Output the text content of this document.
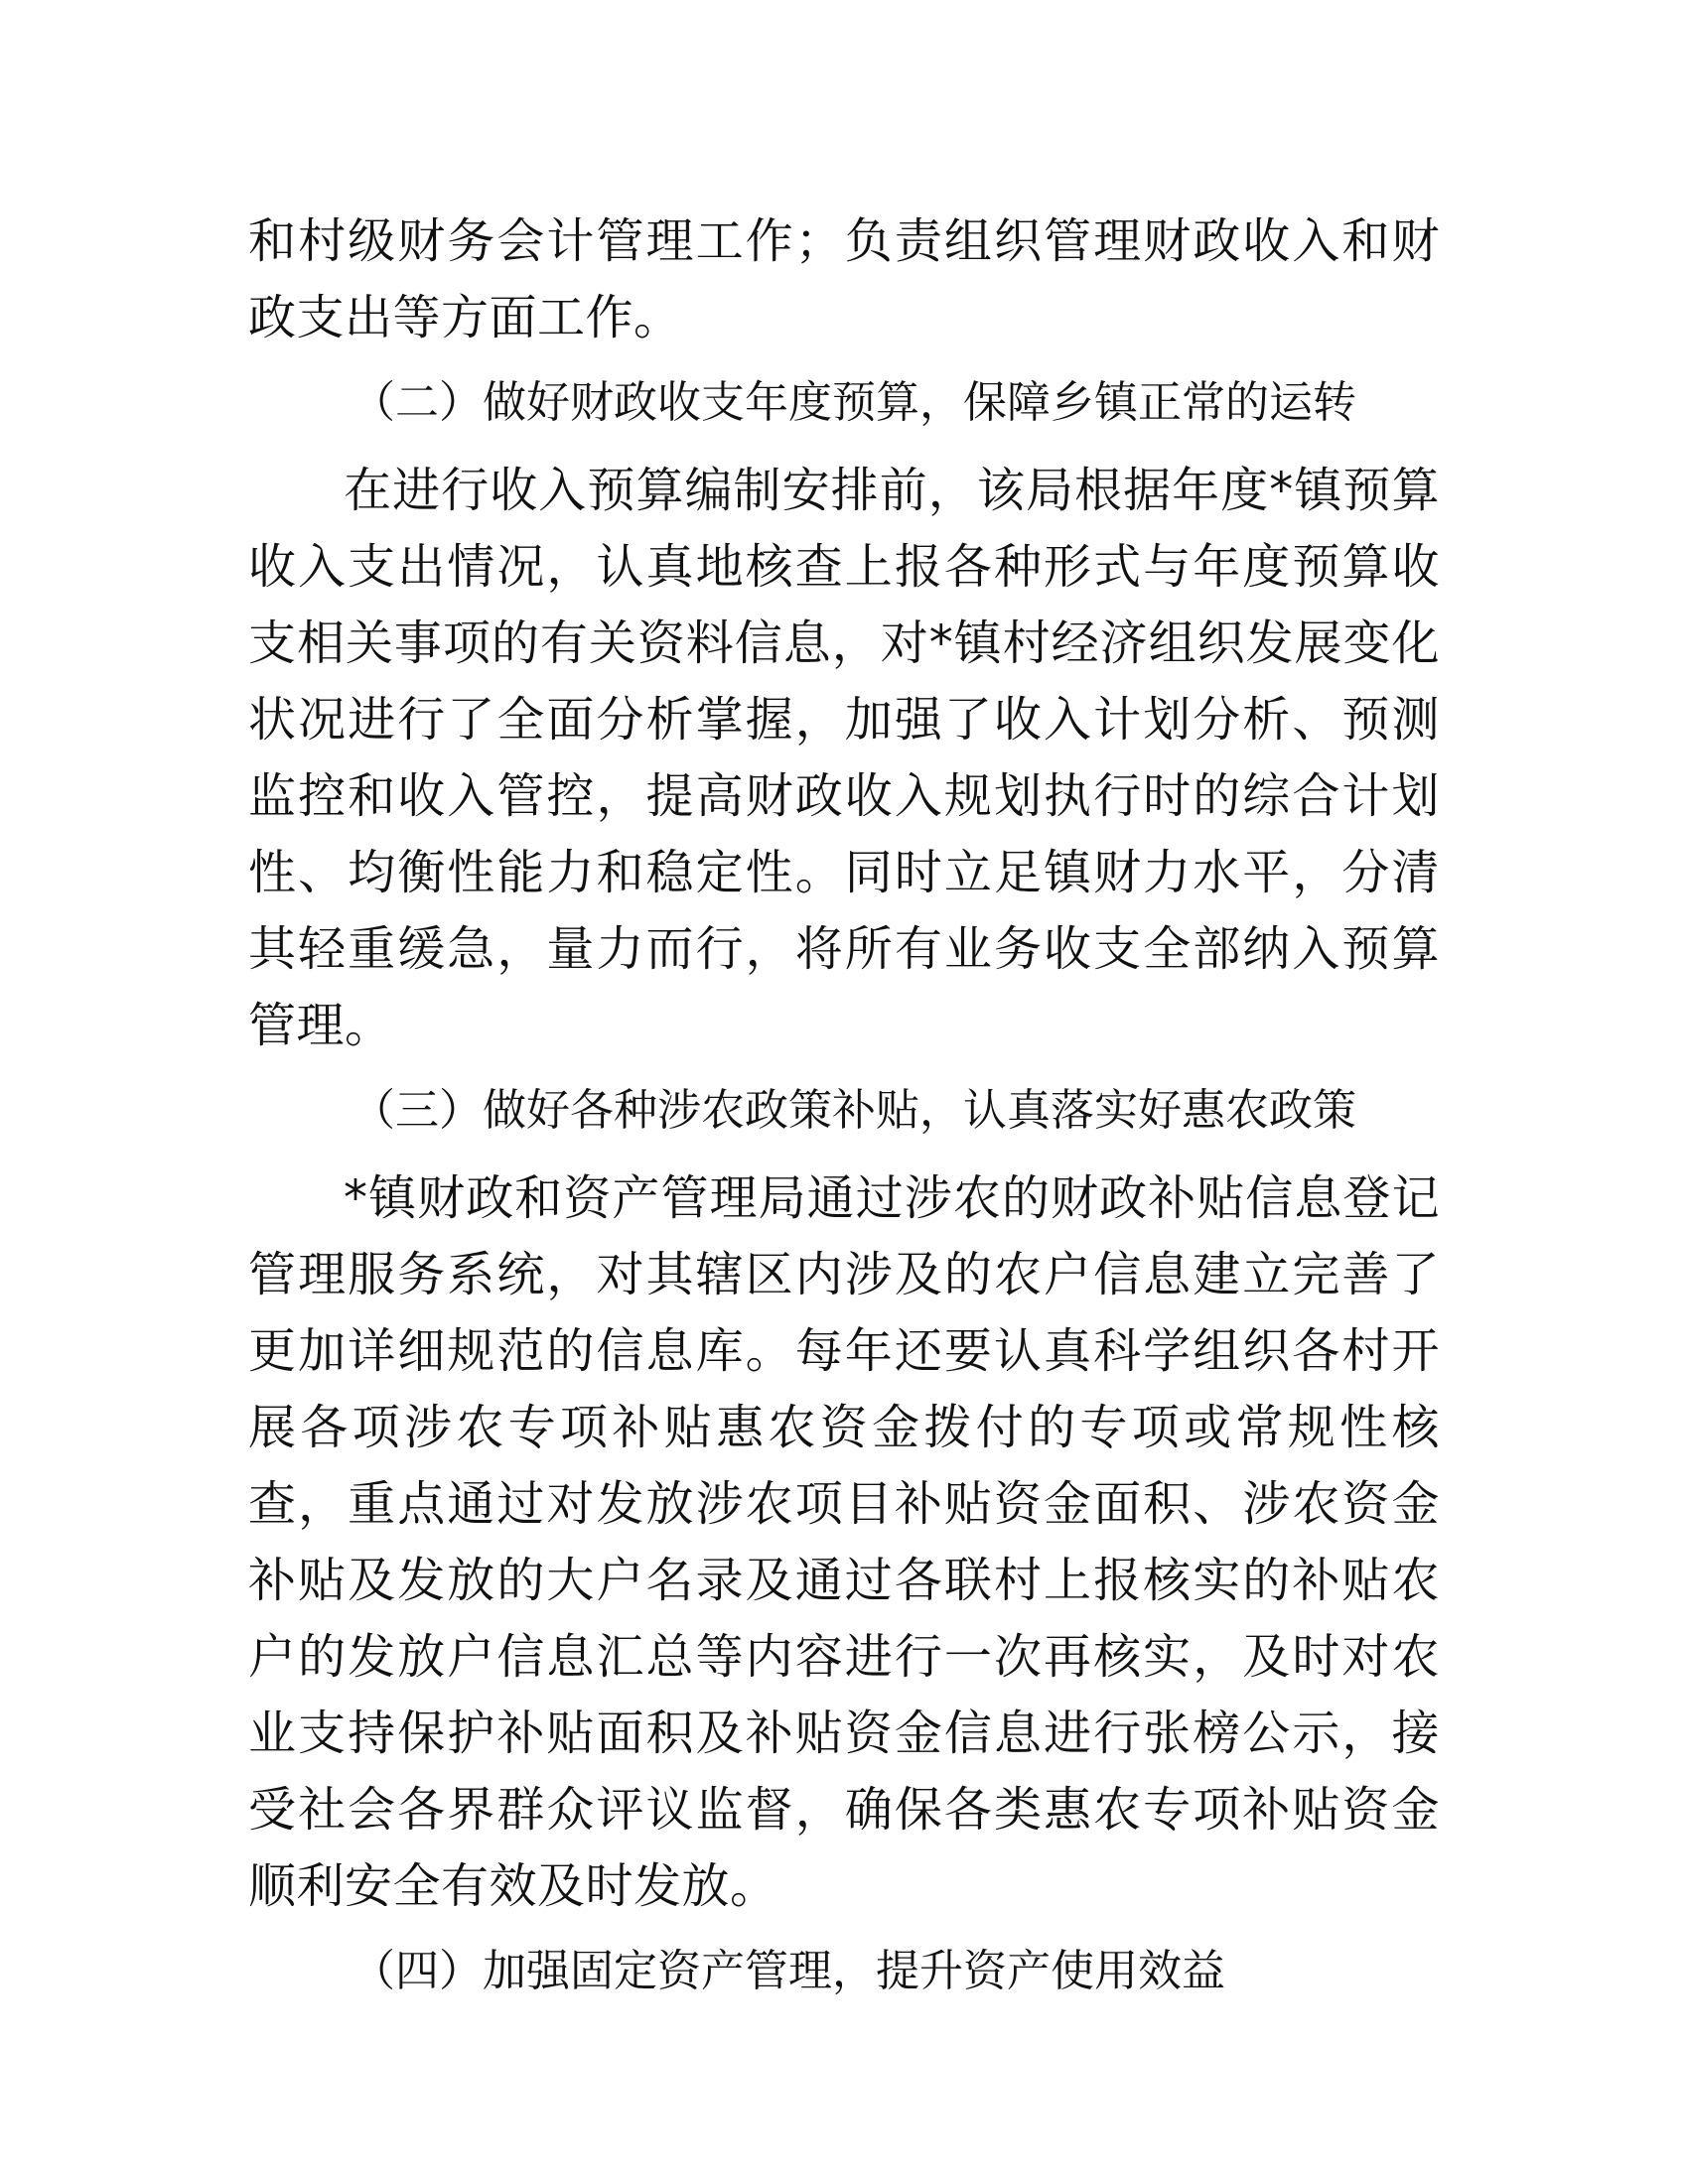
和村级财务会计管理工作；负责组织管理财政收入和财政支出等方面工作。

（二）做好财政收支年度预算，保障乡镇正常的运转

在进行收入预算编制安排前，该局根据年度*镇预算收入支出情况，认真地核查上报各种形式与年度预算收支相关事项的有关资料信息，对*镇村经济组织发展变化状况进行了全面分析掌握，加强了收入计划分析、预测监控和收入管控，提高财政收入规划执行时的综合计划性、均衡性能力和稳定性。同时立足镇财力水平，分清其轻重缓急，量力而行，将所有业务收支全部纳入预算管理。

（三）做好各种涉农政策补贴，认真落实好惠农政策

*镇财政和资产管理局通过涉农的财政补贴信息登记管理服务系统，对其辖区内涉及的农户信息建立完善了更加详细规范的信息库。每年还要认真科学组织各村开展各项涉农专项补贴惠农资金拨付的专项或常规性核查，重点通过对发放涉农项目补贴资金面积、涉农资金补贴及发放的大户名录及通过各联村上报核实的补贴农户的发放户信息汇总等内容进行一次再核实，及时对农业支持保护补贴面积及补贴资金信息进行张榜公示，接受社会各界群众评议监督，确保各类惠农专项补贴资金顺利安全有效及时发放。

（四）加强固定资产管理，提升资产使用效益
